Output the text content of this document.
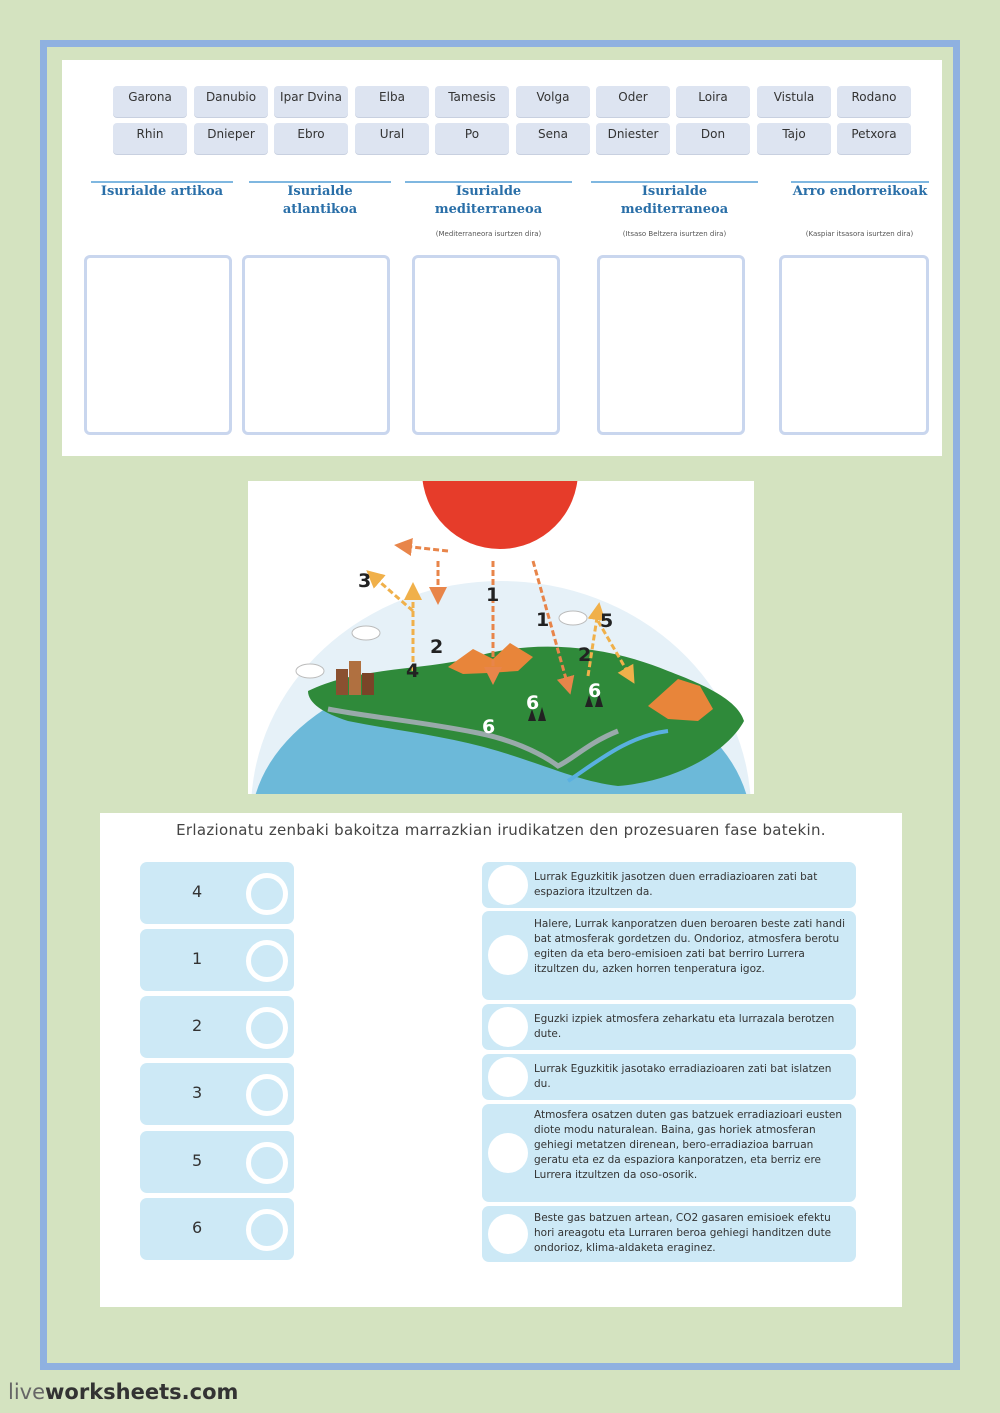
Garona	Danubio	Ipar Dvina	Elba	Tamesis	Volga	Oder	Loira	Vistula	Rodano
Rhin	Dnieper	Ebro	Ural	Po	Sena	Dniester	Don	Tajo	Petxora
Isurialde artikoa	Isurialde atlantikoa
Isurialde mediterraneoa
Isurialde mediterraneoa
Arro endorreikoak
(Mediterraneora isurtzen dira)	(Itsaso Beltzera isurtzen dira)	(Kaspiar itsasora isurtzen dira)
3
1
1	5
2	2
4
6
6
6
Erlazionatu zenbaki bakoitza marrazkian irudikatzen den prozesuaren fase batekin.
4
1
2
3
5
6
Lurrak Eguzkitik jasotzen duen erradiazioaren zati bat espaziora itzultzen da.
Halere, Lurrak kanporatzen duen beroaren beste zati handi bat atmosferak gordetzen du. Ondorioz, atmosfera berotu egiten da eta bero-emisioen zati bat berriro Lurrera itzultzen du, azken horren tenperatura igoz.
Eguzki izpiek atmosfera zeharkatu eta lurrazala berotzen dute.
Lurrak Eguzkitik jasotako erradiazioaren zati bat islatzen du.
Atmosfera osatzen duten gas batzuek erradiazioari eusten diote modu naturalean. Baina, gas horiek atmosferan gehiegi metatzen direnean, bero-erradiazioa barruan geratu eta ez da espaziora kanporatzen, eta berriz ere Lurrera itzultzen da oso-osorik.
Beste gas batzuen artean, CO2 gasaren emisioek efektu hori areagotu eta Lurraren beroa gehiegi handitzen dute ondorioz, klima-aldaketa eraginez.
liveworksheets.com
